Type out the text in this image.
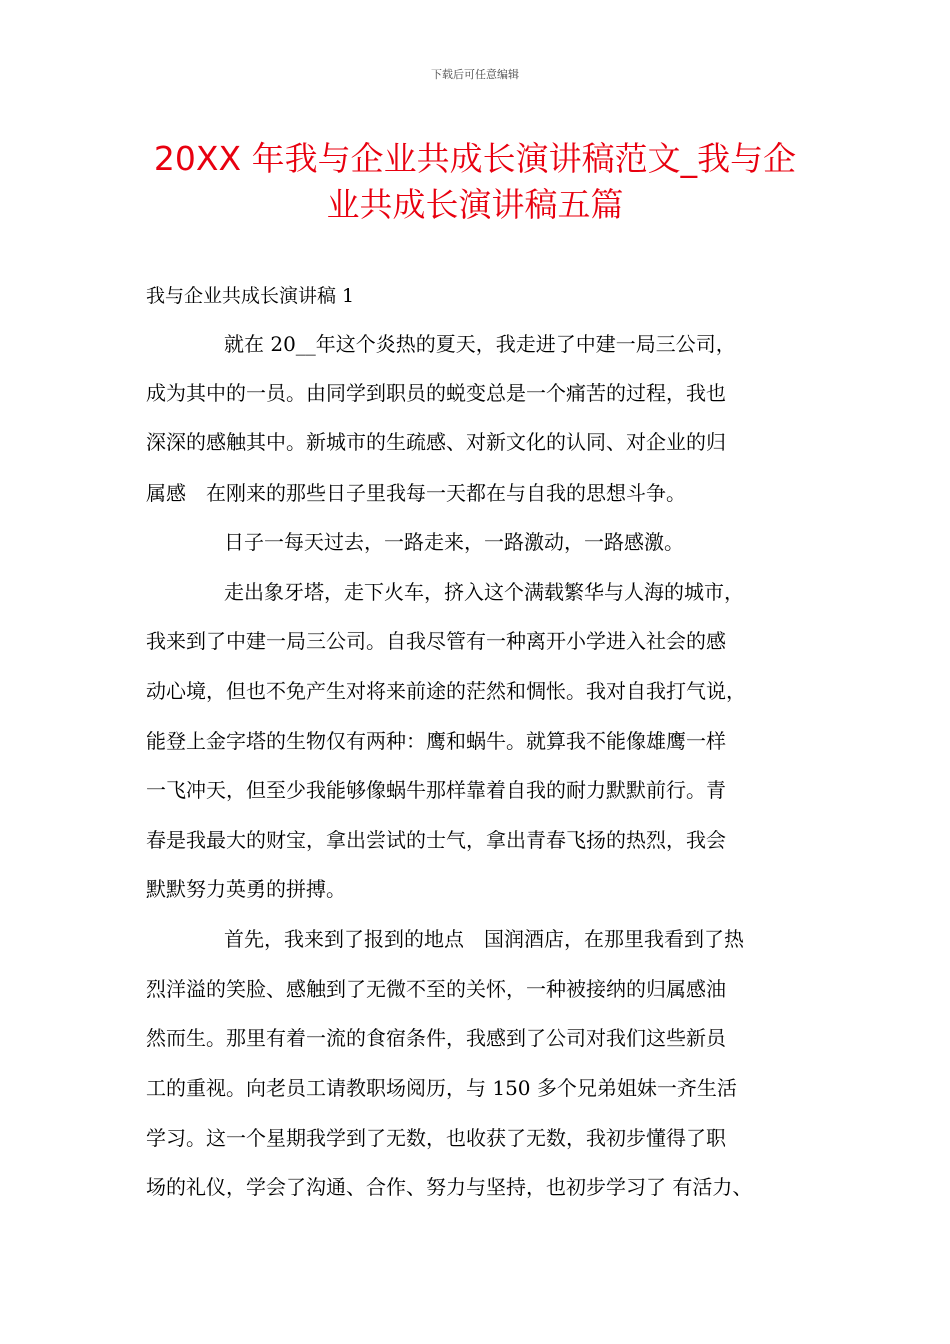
下载后可任意编辑
20XX 年我与企业共成长演讲稿范文_我与企
业共成长演讲稿五篇
我与企业共成长演讲稿 1
就在 20__年这个炎热的夏天，我走进了中建一局三公司，
成为其中的一员。由同学到职员的蜕变总是一个痛苦的过程，我也
深深的感触其中。新城市的生疏感、对新文化的认同、对企业的归
属感　在刚来的那些日子里我每一天都在与自我的思想斗争。
日子一每天过去，一路走来，一路激动，一路感激。
走出象牙塔，走下火车，挤入这个满载繁华与人海的城市，
我来到了中建一局三公司。自我尽管有一种离开小学进入社会的感
动心境，但也不免产生对将来前途的茫然和惆怅。我对自我打气说，
能登上金字塔的生物仅有两种：鹰和蜗牛。就算我不能像雄鹰一样
一飞冲天，但至少我能够像蜗牛那样靠着自我的耐力默默前行。青
春是我最大的财宝，拿出尝试的士气，拿出青春飞扬的热烈，我会
默默努力英勇的拼搏。
首先，我来到了报到的地点　国润酒店，在那里我看到了热
烈洋溢的笑脸、感触到了无微不至的关怀，一种被接纳的归属感油
然而生。那里有着一流的食宿条件，我感到了公司对我们这些新员
工的重视。向老员工请教职场阅历，与 150 多个兄弟姐妹一齐生活
学习。这一个星期我学到了无数，也收获了无数，我初步懂得了职
场的礼仪，学会了沟通、合作、努力与坚持，也初步学习了 有活力、
